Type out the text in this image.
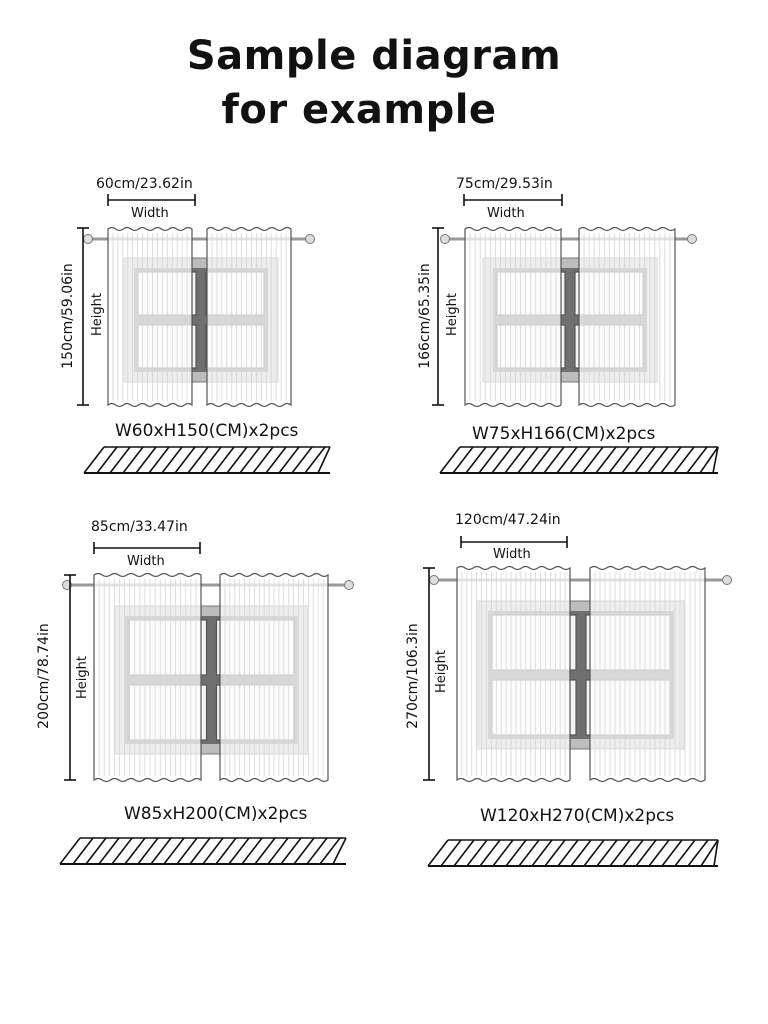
Sample diagram
for example
60cm/23.62in
Width
Height
150cm/59.06in
W60xH150(CM)x2pcs
75cm/29.53in
Width
Height
166cm/65.35in
W75xH166(CM)x2pcs
85cm/33.47in
Width
Height
200cm/78.74in
W85xH200(CM)x2pcs
120cm/47.24in
Width
Height
270cm/106.3in
W120xH270(CM)x2pcs
